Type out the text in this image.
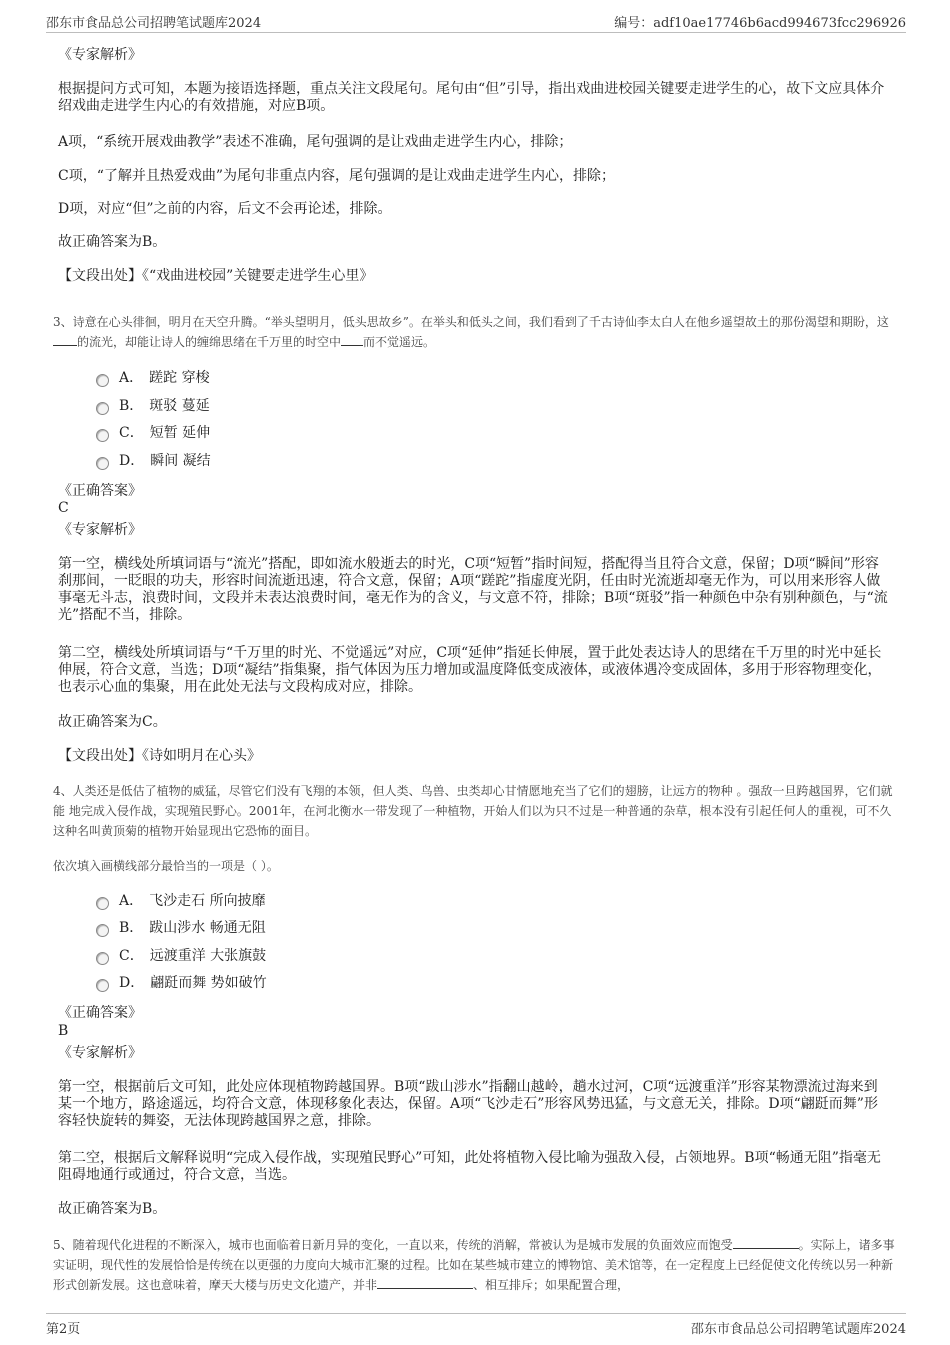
邵东市食品总公司招聘笔试题库2024	编号：adf10ae17746b6acd994673fcc296926
《专家解析》
根据提问方式可知，本题为接语选择题，重点关注文段尾句。尾句由“但”引导，指出戏曲进校园关键要走进学生的心，故下文应具体介绍戏曲走进学生内心的有效措施，对应B项。
A项，“系统开展戏曲教学”表述不准确，尾句强调的是让戏曲走进学生内心，排除；
C项，“了解并且热爱戏曲”为尾句非重点内容，尾句强调的是让戏曲走进学生内心，排除；
D项，对应“但”之前的内容，后文不会再论述，排除。
故正确答案为B。
【文段出处】《“戏曲进校园”关键要走进学生心里》
3、诗意在心头徘徊，明月在天空升腾。“举头望明月，低头思故乡”。在举头和低头之间，我们看到了千古诗仙李太白人在他乡遥望故土的那份渴望和期盼，这的流光，却能让诗人的缠绵思绪在千万里的时空中 而不觉遥远。
A． 蹉跎 穿梭
B． 斑驳 蔓延
C． 短暂 延伸
D． 瞬间 凝结
《正确答案》
C
《专家解析》
第一空，横线处所填词语与“流光”搭配，即如流水般逝去的时光，C项“短暂”指时间短，搭配得当且符合文意，保留；D项“瞬间”形容刹那间，一眨眼的功夫，形容时间流逝迅速，符合文意，保留；A项“蹉跎”指虚度光阴，任由时光流逝却毫无作为，可以用来形容人做事毫无斗志，浪费时间，文段并未表达浪费时间，毫无作为的含义，与文意不符，排除；B项“斑驳”指一种颜色中杂有别种颜色，与“流光”搭配不当，排除。
第二空，横线处所填词语与“千万里的时光、不觉遥远”对应，C项“延伸”指延长伸展，置于此处表达诗人的思绪在千万里的时光中延长伸展，符合文意，当选；D项“凝结”指集聚，指气体因为压力增加或温度降低变成液体，或液体遇冷变成固体，多用于形容物理变化，也表示心血的集聚，用在此处无法与文段构成对应，排除。
故正确答案为C。
【文段出处】《诗如明月在心头》
4、人类还是低估了植物的威猛，尽管它们没有飞翔的本领，但人类、鸟兽、虫类却心甘情愿地充当了它们的翅膀，让远方的物种 。强敌一旦跨越国界，它们就能 地完成入侵作战，实现殖民野心。2001年，在河北衡水一带发现了一种植物，开始人们以为只不过是一种普通的杂草，根本没有引起任何人的重视，可不久这种名叫黄顶菊的植物开始显现出它恐怖的面目。
依次填入画横线部分最恰当的一项是（ ）。
A． 飞沙走石 所向披靡
B． 跋山涉水 畅通无阻
C． 远渡重洋 大张旗鼓
D． 翩跹而舞 势如破竹
《正确答案》
B
《专家解析》
第一空，根据前后文可知，此处应体现植物跨越国界。B项“跋山涉水”指翻山越岭，趟水过河，C项“远渡重洋”形容某物漂流过海来到某一个地方，路途遥远，均符合文意，体现移象化表达，保留。A项“飞沙走石”形容风势迅猛，与文意无关，排除。D项“翩跹而舞”形容轻快旋转的舞姿，无法体现跨越国界之意，排除。
第二空，根据后文解释说明“完成入侵作战，实现殖民野心”可知，此处将植物入侵比喻为强敌入侵，占领地界。B项“畅通无阻”指毫无阻碍地通行或通过，符合文意，当选。
故正确答案为B。
5、随着现代化进程的不断深入，城市也面临着日新月异的变化，一直以来，传统的消解，常被认为是城市发展的负面效应而饱受	。实际上，诸多事实证明，现代性的发展恰恰是传统在以更强的力度向大城市汇聚的过程。比如在某些城市建立的博物馆、美术馆等，在一定程度上已经促使文化传统以另一种新形式创新发展。这也意味着，摩天大楼与历史文化遗产，并非	、相互排斥；如果配置合理，
第2页	邵东市食品总公司招聘笔试题库2024
